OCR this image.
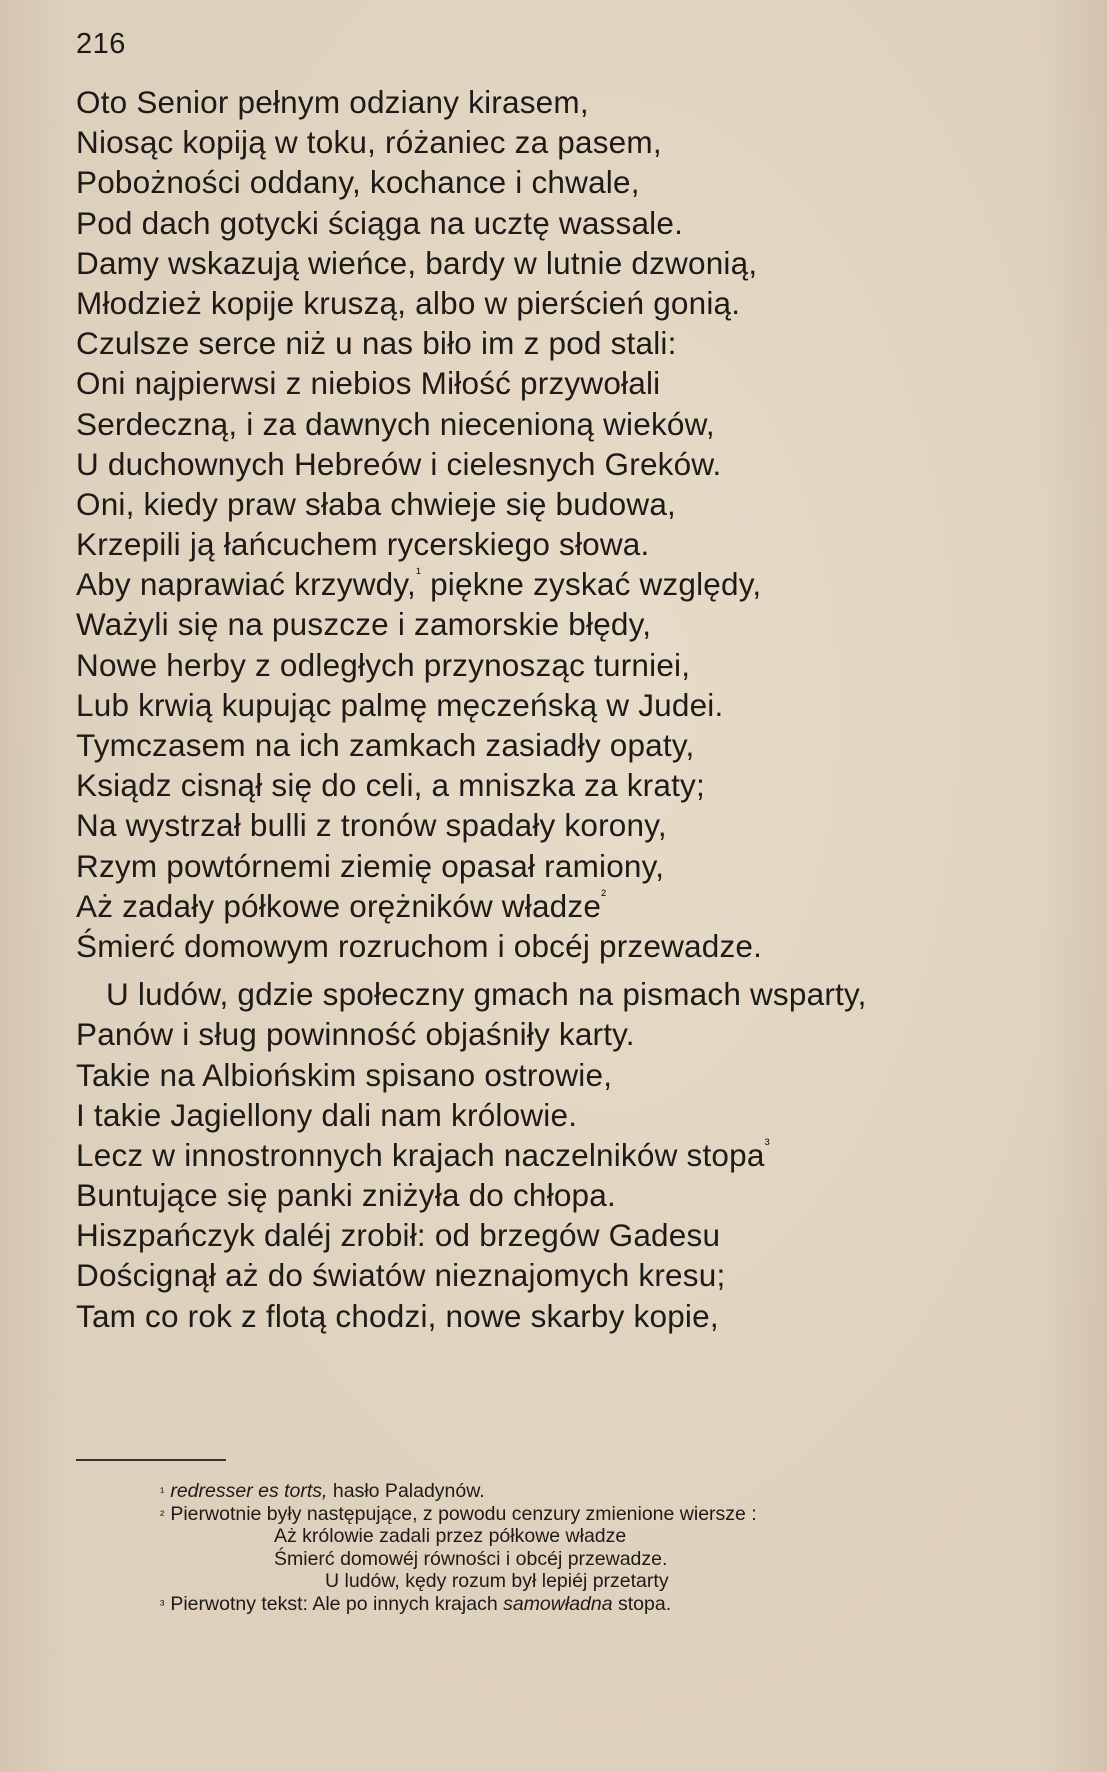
216
Oto Senior pełnym odziany kirasem,
Niosąc kopiją w toku, różaniec za pasem,
Pobożności oddany, kochance i chwale,
Pod dach gotycki ściąga na ucztę wassale.
Damy wskazują wieńce, bardy w lutnie dzwonią,
Młodzież kopije kruszą, albo w pierścień gonią.
Czulsze serce niż u nas biło im z pod stali:
Oni najpierwsi z niebios Miłość przywołali
Serdeczną, i za dawnych niecenioną wieków,
U duchownych Hebreów i cielesnych Greków.
Oni, kiedy praw słaba chwieje się budowa,
Krzepili ją łańcuchem rycerskiego słowa.
Aby naprawiać krzywdy,$^{^1}$ piękne zyskać względy,
Ważyli się na puszcze i zamorskie błędy,
Nowe herby z odległych przynosząc turniei,
Lub krwią kupując palmę męczeńską w Judei.
Tymczasem na ich zamkach zasiadły opaty,
Ksiądz cisnął się do celi, a mniszka za kraty;
Na wystrzał bulli z tronów spadały korony,
Rzym powtórnemi ziemię opasał ramiony,
Aż zadały półkowe orężników władze$^{^2}$
Śmierć domowym rozruchom i obcéj przewadze.
U ludów, gdzie społeczny gmach na pismach wsparty,
Panów i sług powinność objaśniły karty.
Takie na Albiońskim spisano ostrowie,
I takie Jagiellony dali nam królowie.
Lecz w innostronnych krajach naczelników stopa$^{^3}$
Buntujące się panki zniżyła do chłopa.
Hiszpańczyk daléj zrobił: od brzegów Gadesu
Doścignął aż do światów nieznajomych kresu;
Tam co rok z flotą chodzi, nowe skarby kopie,
$^{^1}$ redresser es torts, hasło Paladynów.
$^{^2}$ Pierwotnie były następujące, z powodu cenzury zmienione wiersze :
Aż królowie zadali przez półkowe władze
Śmierć domowéj równości i obcéj przewadze.
U ludów, kędy rozum był lepiéj przetarty
$^{^3}$ Pierwotny tekst: Ale po innych krajach samowładna stopa.
